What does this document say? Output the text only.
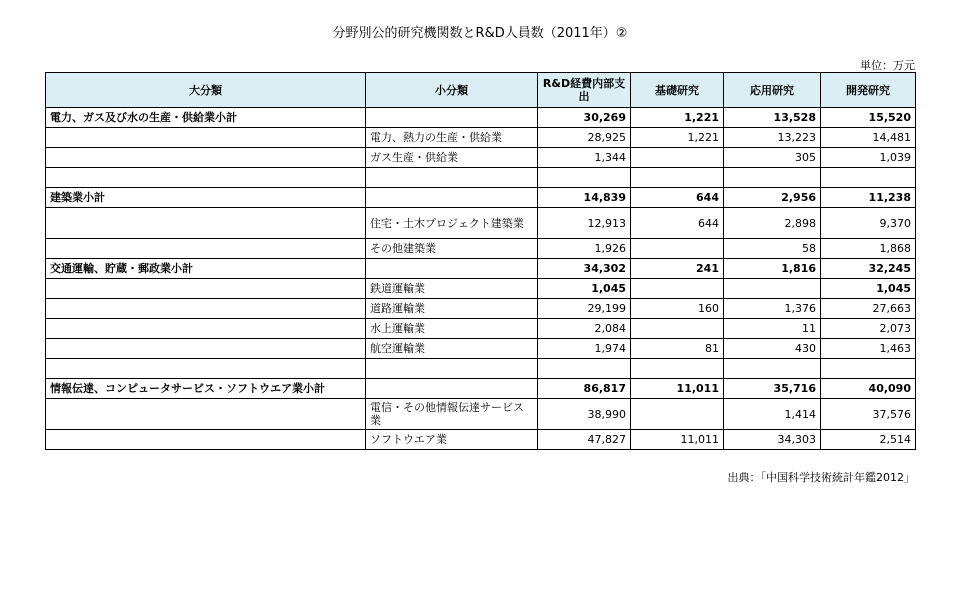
分野別公的研究機関数とR&D人員数（2011年）②
単位：万元
大分類	小分類	R&D経費内部支出	基礎研究	応用研究	開発研究
電力、ガス及び水の生産・供給業小計		30,269	1,221	13,528	15,520
	電力、熱力の生産・供給業	28,925	1,221	13,223	14,481
	ガス生産・供給業	1,344		305	1,039

建築業小計		14,839	644	2,956	11,238
	住宅・土木プロジェクト建築業	12,913	644	2,898	9,370
	その他建築業	1,926		58	1,868
交通運輸、貯蔵・郵政業小計		34,302	241	1,816	32,245
	鉄道運輸業	1,045			1,045
	道路運輸業	29,199	160	1,376	27,663
	水上運輸業	2,084		11	2,073
	航空運輸業	1,974	81	430	1,463

情報伝達、コンピュータサービス・ソフトウエア業小計		86,817	11,011	35,716	40,090
	電信・その他情報伝達サービス業	38,990		1,414	37,576
	ソフトウエア業	47,827	11,011	34,303	2,514
出典：「中国科学技術統計年鑑2012」
